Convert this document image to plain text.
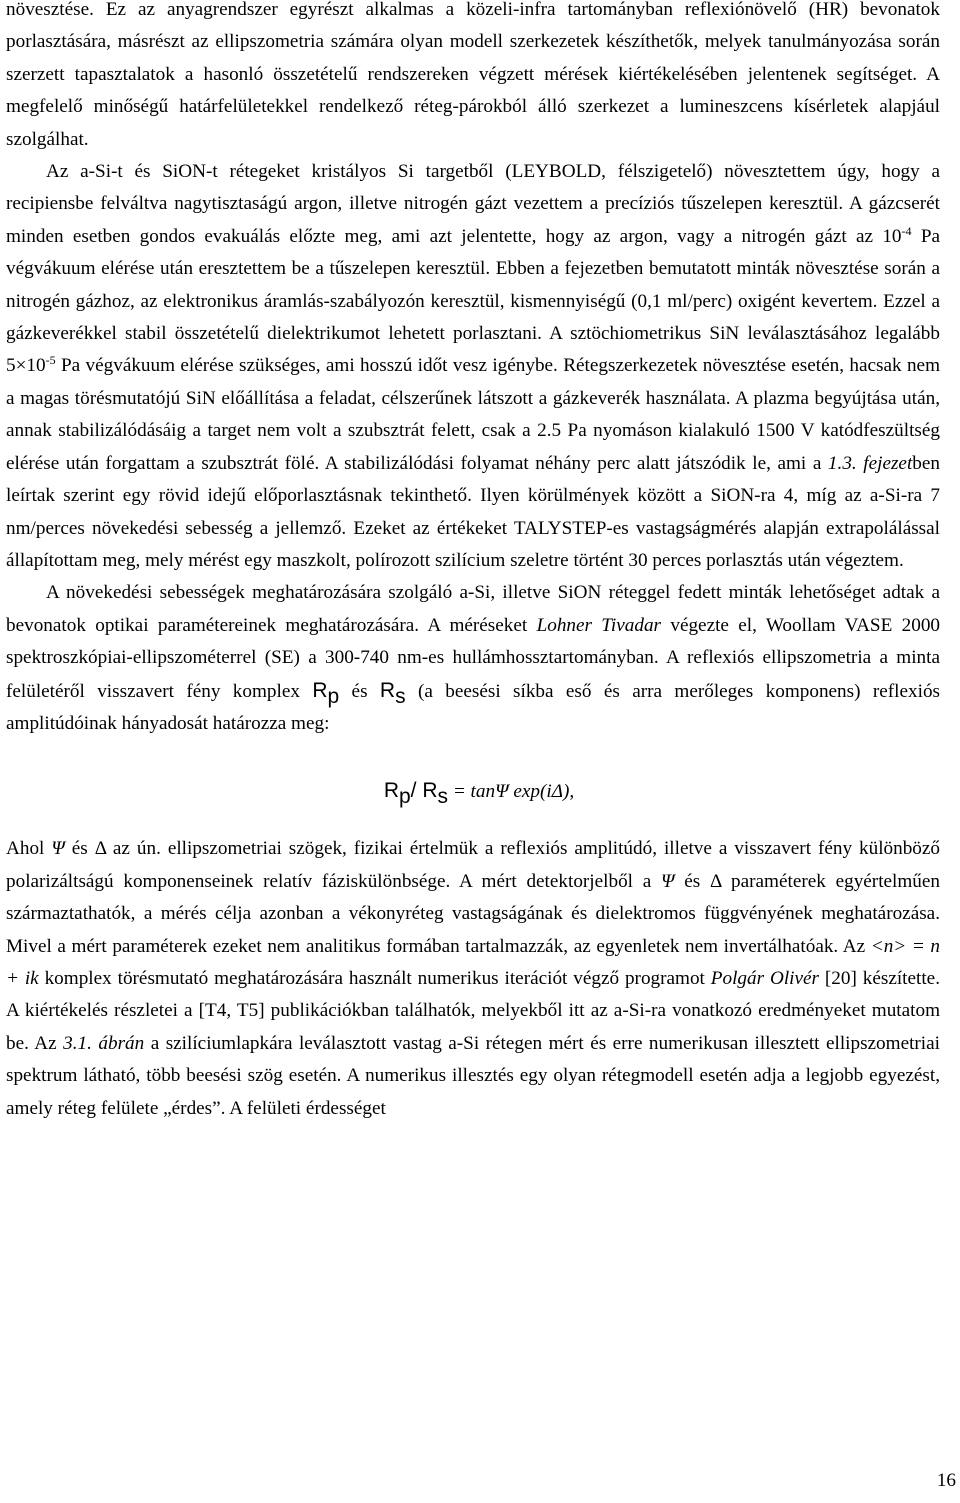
növesztése. Ez az anyagrendszer egyrészt alkalmas a közeli-infra tartományban reflexiónövelő (HR) bevonatok porlasztására, másrészt az ellipszometria számára olyan modell szerkezetek készíthetők, melyek tanulmányozása során szerzett tapasztalatok a hasonló összetételű rendszereken végzett mérések kiértékelésében jelentenek segítséget. A megfelelő minőségű határfelületekkel rendelkező réteg-párokból álló szerkezet a lumineszcens kísérletek alapjául szolgálhat.

Az a-Si-t és SiON-t rétegeket kristályos Si targetből (LEYBOLD, félszigetelő) növesztettem úgy, hogy a recipiensbe felváltva nagytisztaságú argon, illetve nitrogén gázt vezettem a precíziós tűszelepen keresztül. A gázcserét minden esetben gondos evakuálás előzte meg, ami azt jelentette, hogy az argon, vagy a nitrogén gázt az $10^{-4}$ Pa végvákuum elérése után eresztettem be a tűszelepen keresztül. Ebben a fejezetben bemutatott minták növesztése során a nitrogén gázhoz, az elektronikus áramlás-szabályozón keresztül, kismennyiségű (0,1 ml/perc) oxigént kevertem. Ezzel a gázkeverékkel stabil összetételű dielektrikumot lehetett porlasztani. A sztöchiometrikus SiN leválasztásához legalább $5\times 10^{-5}$ Pa végvákuum elérése szükséges, ami hosszú időt vesz igénybe. Rétegszerkezetek növesztése esetén, hacsak nem a magas törésmutatójú SiN előállítása a feladat, célszerűnek látszott a gázkeverék használata. A plazma begyújtása után, annak stabilizálódásáig a target nem volt a szubsztrát felett, csak a 2.5 Pa nyomáson kialakuló 1500 V katódfeszültség elérése után forgattam a szubsztrát fölé. A stabilizálódási folyamat néhány perc alatt játszódik le, ami a 1.3. fejezetben leírtak szerint egy rövid idejű előporlasztásnak tekinthető. Ilyen körülmények között a SiON-ra 4, míg az a-Si-ra 7 nm/perces növekedési sebesség a jellemző. Ezeket az értékeket TALYSTEP-es vastagságmérés alapján extrapolálással állapítottam meg, mely mérést egy maszkolt, polírozott szilícium szeletre történt 30 perces porlasztás után végeztem.

A növekedési sebességek meghatározására szolgáló a-Si, illetve SiON réteggel fedett minták lehetőséget adtak a bevonatok optikai paramétereinek meghatározására. A méréseket Lohner Tivadar végezte el, Woollam VASE 2000 spektroszkópiai-ellipszométerrel (SE) a 300-740 nm-es hullámhossztartományban. A reflexiós ellipszometria a minta felületéről visszavert fény komplex $R_p$ és $R_s$ (a beesési síkba eső és arra merőleges komponens) reflexiós amplitúdóinak hányadosát határozza meg:

$R_p/$ $R_s = \tan\Psi$ exp(iΔ),

Ahol Ψ és Δ az ún. ellipszometriai szögek, fizikai értelmük a reflexiós amplitúdó, illetve a visszavert fény különböző polarizáltságú komponenseinek relatív fáziskülönbsége. A mért detektorjelből a Ψ és Δ paraméterek egyértelműen származtathatók, a mérés célja azonban a vékonyréteg vastagságának és dielektromos függvényének meghatározása. Mivel a mért paraméterek ezeket nem analitikus formában tartalmazzák, az egyenletek nem invertálhatóak. Az <n> = n + ik komplex törésmutató meghatározására használt numerikus iterációt végző programot Polgár Olivér [20] készítette. A kiértékelés részletei a [T4, T5] publikációkban találhatók, melyekből itt az a-Si-ra vonatkozó eredményeket mutatom be. Az 3.1. ábrán a szilíciumlapkára leválasztott vastag a-Si rétegen mért és erre numerikusan illesztett ellipszometriai spektrum látható, több beesési szög esetén. A numerikus illesztés egy olyan rétegmodell esetén adja a legjobb egyezést, amely réteg felülete „érdes”. A felületi érdességet

16
